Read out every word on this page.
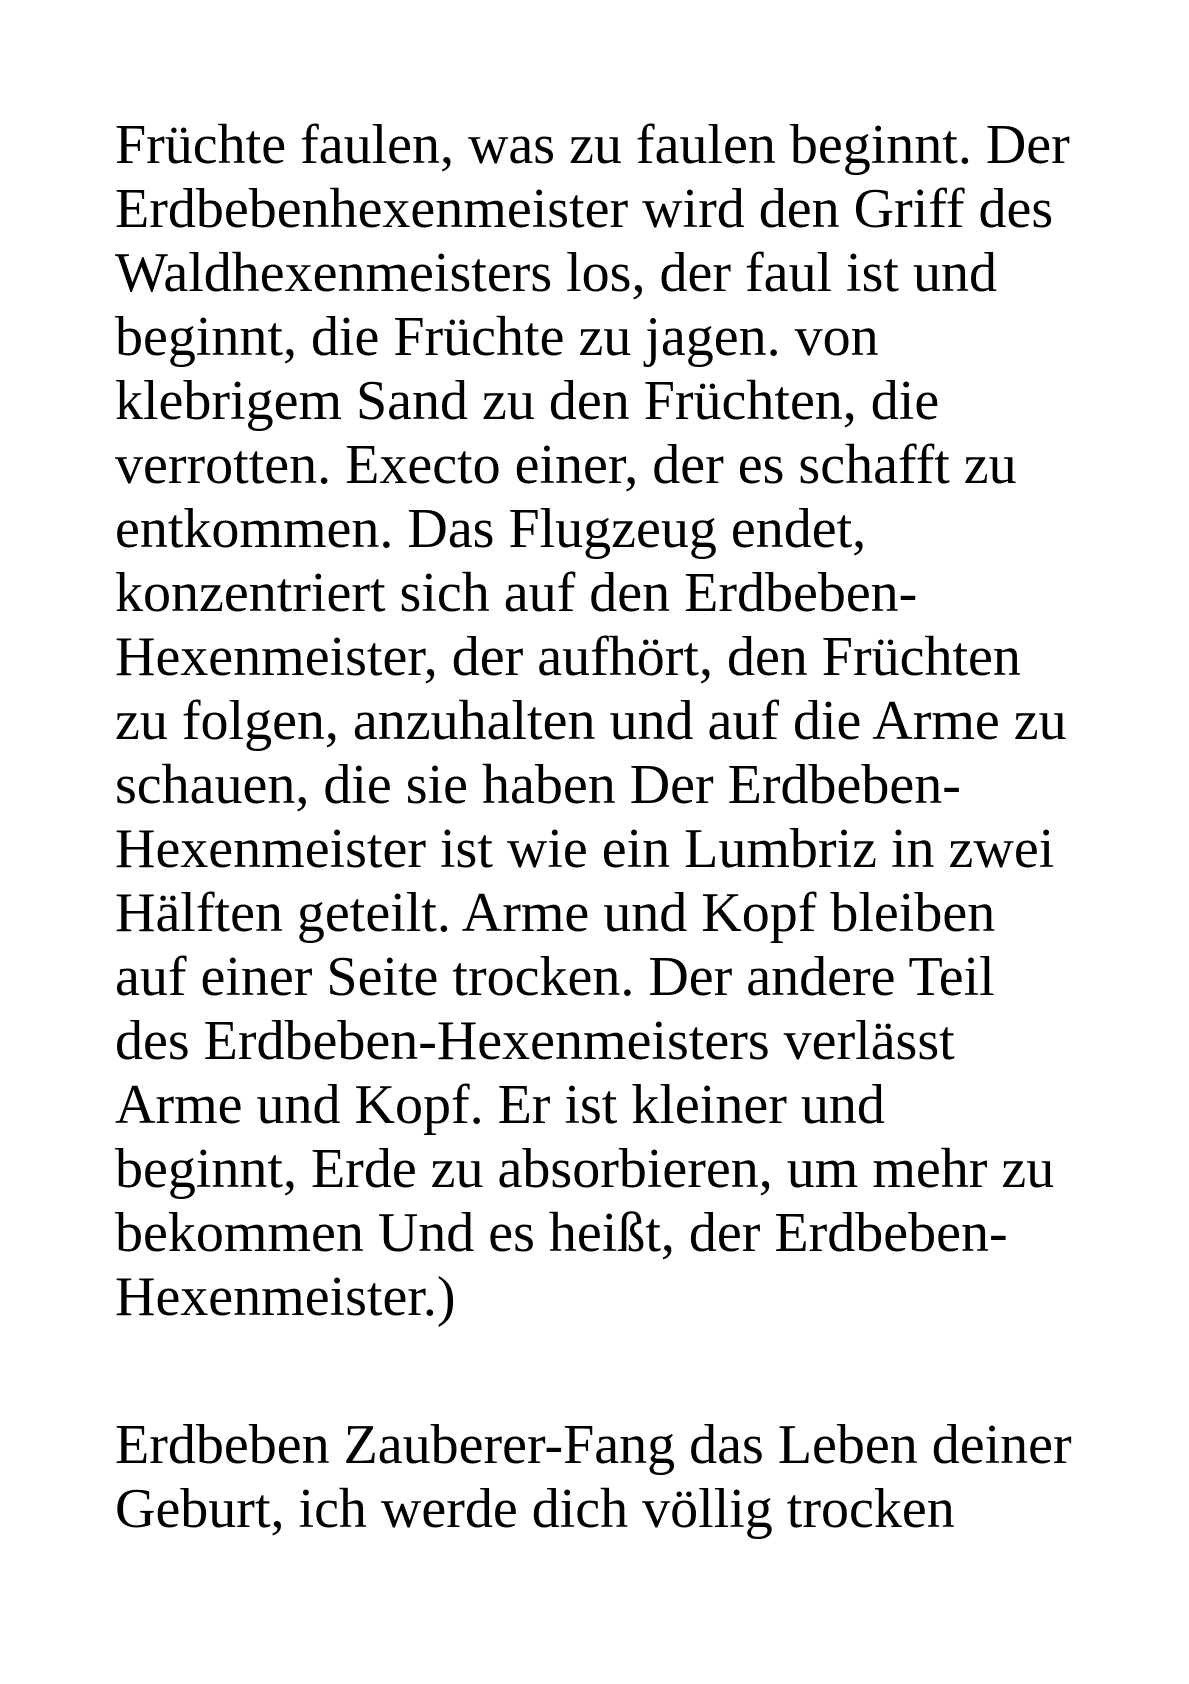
Früchte faulen, was zu faulen beginnt. Der

Erdbebenhexenmeister wird den Griff des

Waldhexenmeisters los, der faul ist und

beginnt, die Früchte zu jagen. von

klebrigem Sand zu den Früchten, die

verrotten. Execto einer, der es schafft zu

entkommen. Das Flugzeug endet,

konzentriert sich auf den Erdbeben-

Hexenmeister, der aufhört, den Früchten

zu folgen, anzuhalten und auf die Arme zu

schauen, die sie haben Der Erdbeben-

Hexenmeister ist wie ein Lumbriz in zwei

Hälften geteilt. Arme und Kopf bleiben

auf einer Seite trocken. Der andere Teil

des Erdbeben-Hexenmeisters verlässt

Arme und Kopf. Er ist kleiner und

beginnt, Erde zu absorbieren, um mehr zu

bekommen Und es heißt, der Erdbeben-

Hexenmeister.)

Erdbeben Zauberer-Fang das Leben deiner

Geburt, ich werde dich völlig trocken
